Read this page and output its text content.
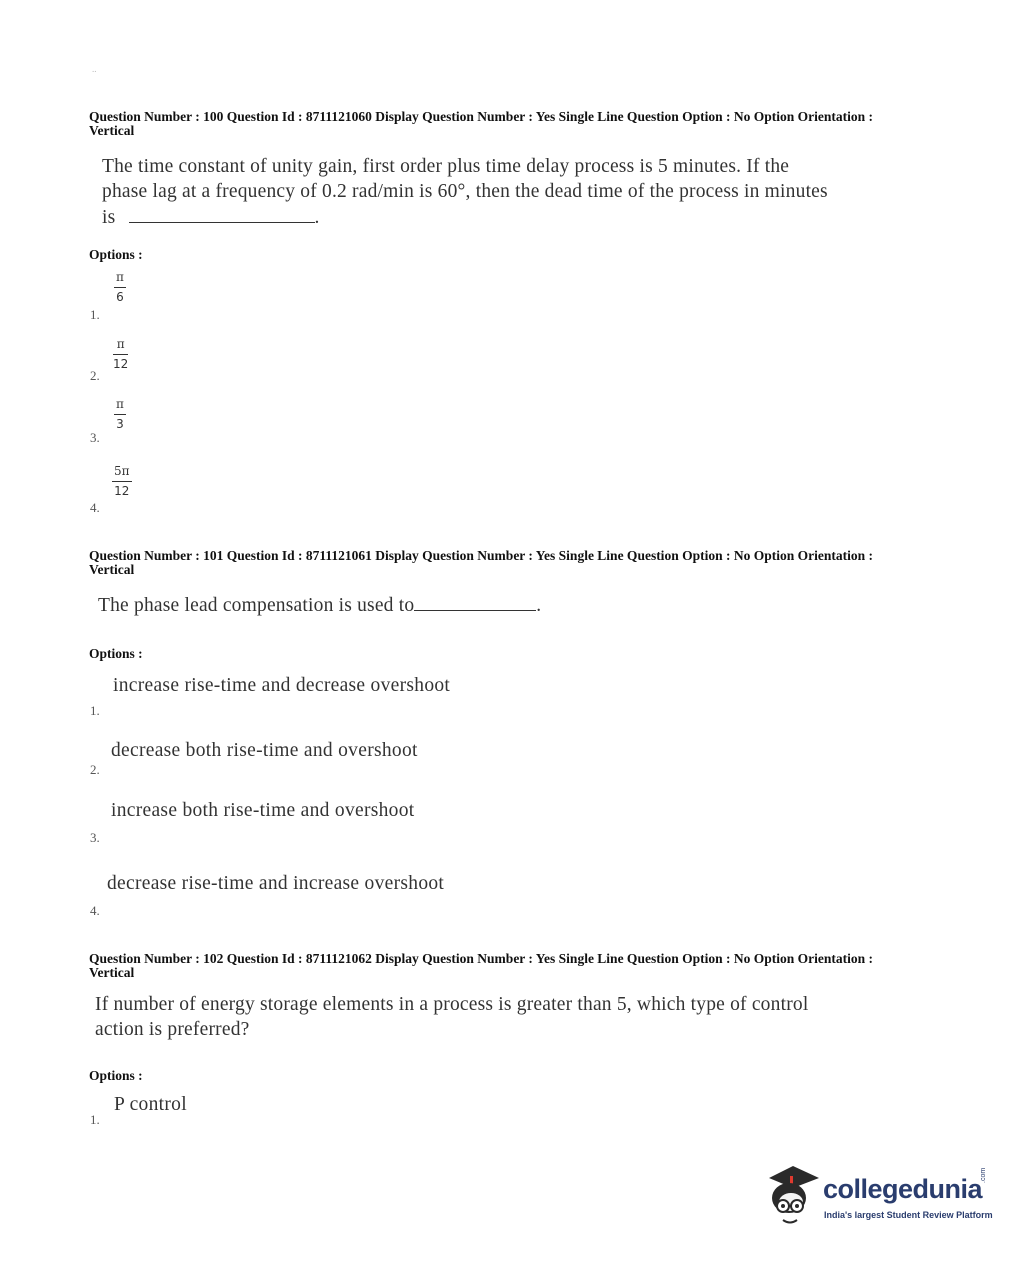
..
Question Number : 100 Question Id : 8711121060 Display Question Number : Yes Single Line Question Option : No Option Orientation : Vertical
The time constant of unity gain, first order plus time delay process is 5 minutes. If the
phase lag at a frequency of 0.2 rad/min is 60°, then the dead time of the process in minutes
is	.
Options :
1.
π
6
2.
π
12
3.
π
3
4.
5π
12
Question Number : 101 Question Id : 8711121061 Display Question Number : Yes Single Line Question Option : No Option Orientation : Vertical
The phase lead compensation is used to	.
Options :
increase rise-time and decrease overshoot
1.
decrease both rise-time and overshoot
2.
increase both rise-time and overshoot
3.
decrease rise-time and increase overshoot
4.
Question Number : 102 Question Id : 8711121062 Display Question Number : Yes Single Line Question Option : No Option Orientation : Vertical
If number of energy storage elements in a process is greater than 5, which type of control
action is preferred?
Options :
P control
1.
collegedunia
.com
India's largest Student Review Platform
